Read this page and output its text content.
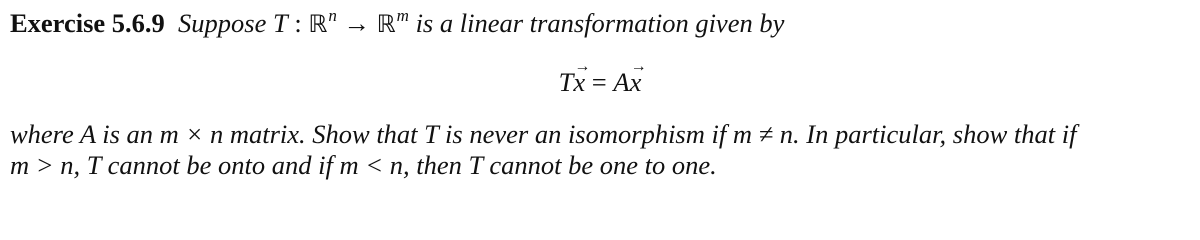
Exercise 5.6.9 Suppose T : ℝ$^n$ → ℝ$^m$ is a linear transformation given by
Tx → = Ax →
where A is an m × n matrix. Show that T is never an isomorphism if m ≠ n. In particular, show that if
m > n, T cannot be onto and if m < n, then T cannot be one to one.
